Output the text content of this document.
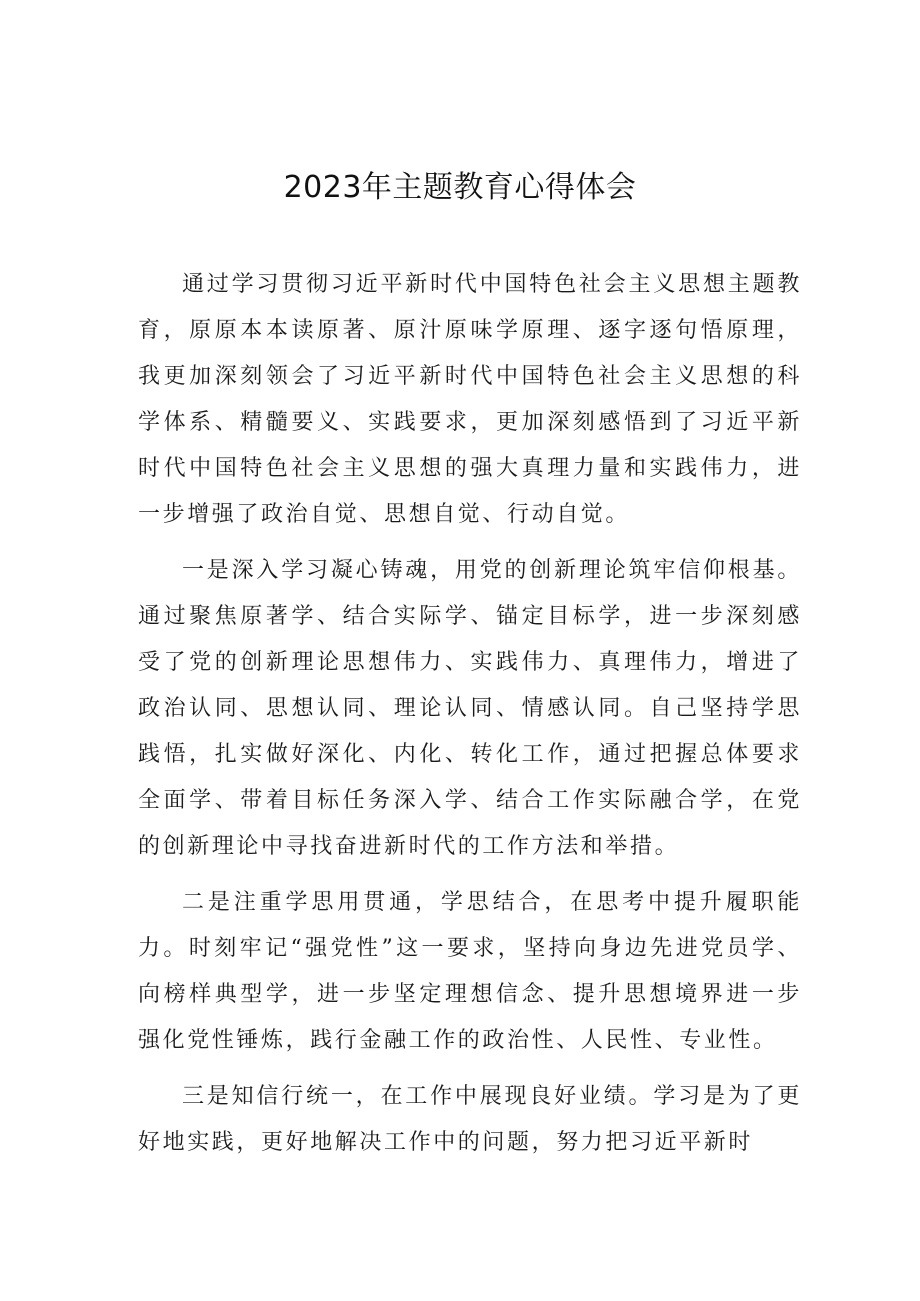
2023年主题教育心得体会

通过学习贯彻习近平新时代中国特色社会主义思想主题教育，原原本本读原著、原汁原味学原理、逐字逐句悟原理，我更加深刻领会了习近平新时代中国特色社会主义思想的科学体系、精髓要义、实践要求，更加深刻感悟到了习近平新时代中国特色社会主义思想的强大真理力量和实践伟力，进一步增强了政治自觉、思想自觉、行动自觉。

一是深入学习凝心铸魂，用党的创新理论筑牢信仰根基。通过聚焦原著学、结合实际学、锚定目标学，进一步深刻感受了党的创新理论思想伟力、实践伟力、真理伟力，增进了政治认同、思想认同、理论认同、情感认同。自己坚持学思践悟，扎实做好深化、内化、转化工作，通过把握总体要求全面学、带着目标任务深入学、结合工作实际融合学，在党的创新理论中寻找奋进新时代的工作方法和举措。

二是注重学思用贯通，学思结合，在思考中提升履职能力。时刻牢记“强党性”这一要求，坚持向身边先进党员学、向榜样典型学，进一步坚定理想信念、提升思想境界进一步强化党性锤炼，践行金融工作的政治性、人民性、专业性。

三是知信行统一，在工作中展现良好业绩。学习是为了更好地实践，更好地解决工作中的问题，努力把习近平新时
